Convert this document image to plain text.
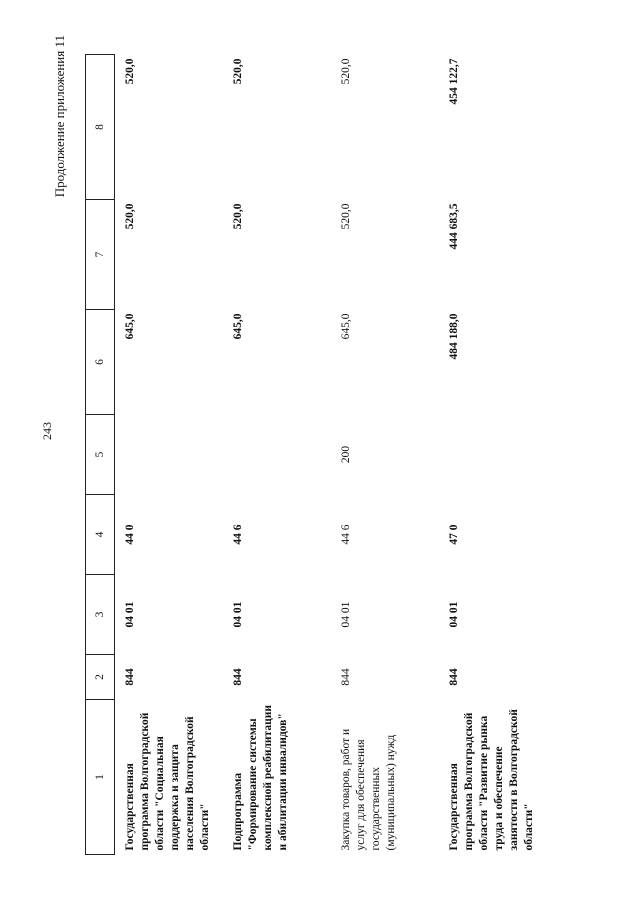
243
Продолжение приложения 11
1	2	3	4	5	6	7	8
Государственная программа Волгоградской области "Социальная поддержка и защита населения Волгоградской области"	844	04 01	44 0		645,0	520,0	520,0
Подпрограмма "Формирование системы комплексной реабилитации и абилитации инвалидов"	844	04 01	44 6		645,0	520,0	520,0
Закупка товаров, работ и услуг для обеспечения государственных (муниципальных) нужд	844	04 01	44 6	200	645,0	520,0	520,0
Государственная программа Волгоградской области "Развитие рынка труда и обеспечение занятости в Волгоградской области"	844	04 01	47 0		484 188,0	444 683,5	454 122,7
